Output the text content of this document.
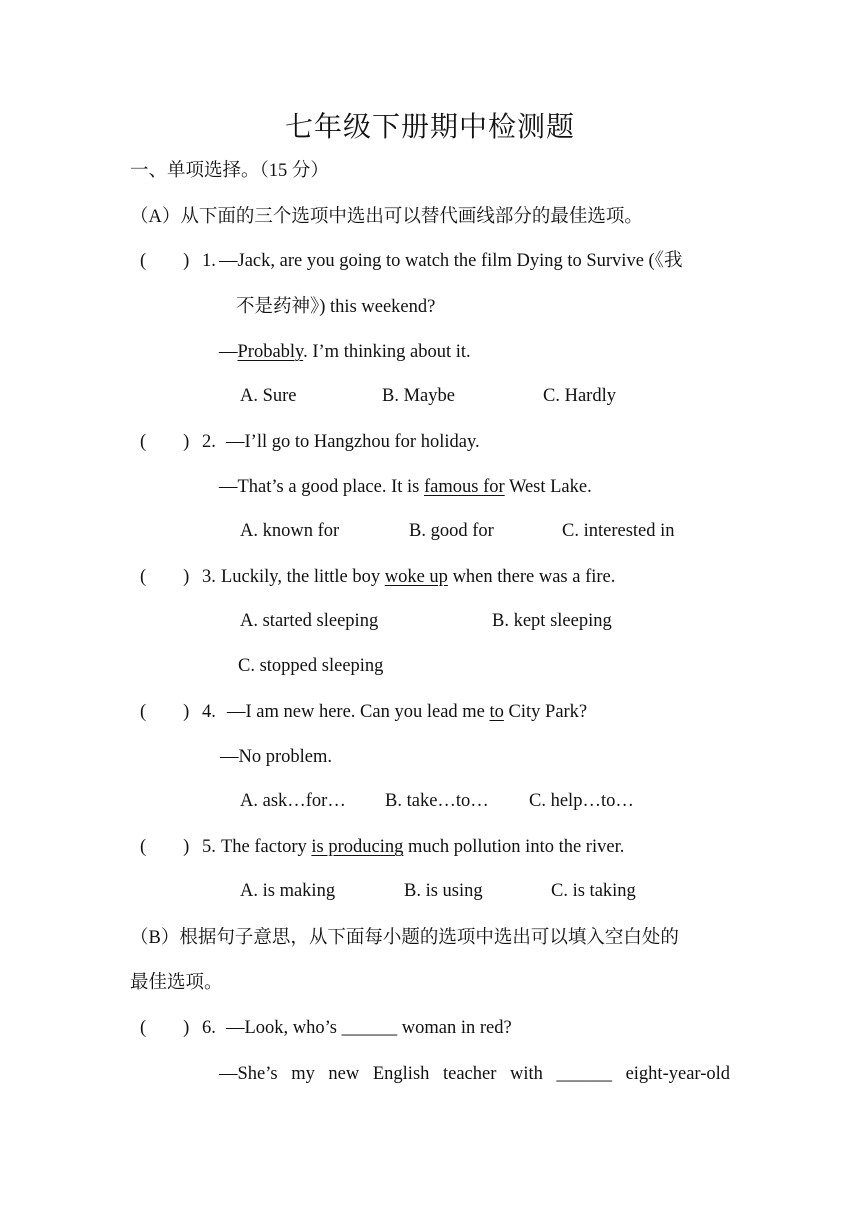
七年级下册期中检测题
一、单项选择。（15 分）
（A）从下面的三个选项中选出可以替代画线部分的最佳选项。
(　　) 1. —Jack, are you going to watch the film Dying to Survive (《我
不是药神》) this weekend?
—Probably. I’m thinking about it.
A. Sure	B. Maybe	C. Hardly
(　　) 2. —I’ll go to Hangzhou for holiday.
—That’s a good place. It is famous for West Lake.
A. known for	B. good for	C. interested in
(　　) 3. Luckily, the little boy woke up when there was a fire.
A. started sleeping	B. kept sleeping
C. stopped sleeping
(　　) 4. —I am new here. Can you lead me to City Park?
—No problem.
A. ask…for… B. take…to… C. help…to…
(　　) 5. The factory is producing much pollution into the river.
A. is making	B. is using	C. is taking
（B）根据句子意思，从下面每小题的选项中选出可以填入空白处的
最佳选项。
(　　) 6. —Look, who’s ______ woman in red?
—She’s my new English teacher with ______ eight-year-old
